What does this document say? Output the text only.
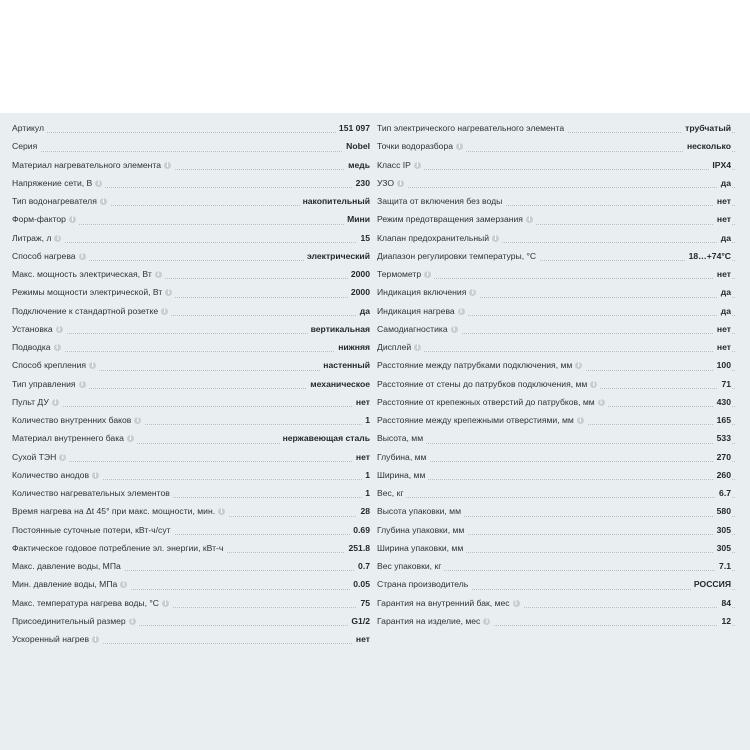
Артикул	151 097
Серия	Nobel
Материал нагревательного элемента i	медь
Напряжение сети, В i	230
Тип водонагревателя i	накопительный
Форм-фактор i	Мини
Литраж, л i	15
Способ нагрева i	электрический
Макс. мощность электрическая, Вт i	2000
Режимы мощности электрической, Вт i	2000
Подключение к стандартной розетке i	да
Установка i	вертикальная
Подводка i	нижняя
Способ крепления i	настенный
Тип управления i	механическое
Пульт ДУ i	нет
Количество внутренних баков i	1
Материал внутреннего бака i	нержавеющая сталь
Сухой ТЭН i	нет
Количество анодов i	1
Количество нагревательных элементов	1
Время нагрева на Δt 45° при макс. мощности, мин. i	28
Постоянные суточные потери, кВт-ч/сут	0.69
Фактическое годовое потребление эл. энергии, кВт-ч	251.8
Макс. давление воды, МПа	0.7
Мин. давление воды, МПа i	0.05
Макс. температура нагрева воды, °С i	75
Присоединительный размер i	G1/2
Ускоренный нагрев i	нет
Тип электрического нагревательного элемента	трубчатый
Точки водоразбора i	несколько
Класс IP i	IPX4
УЗО i	да
Защита от включения без воды	нет
Режим предотвращения замерзания i	нет
Клапан предохранительный i	да
Диапазон регулировки температуры, °С	18…+74°С
Термометр i	нет
Индикация включения i	да
Индикация нагрева i	да
Самодиагностика i	нет
Дисплей i	нет
Расстояние между патрубками подключения, мм i	100
Расстояние от стены до патрубков подключения, мм i	71
Расстояние от крепежных отверстий до патрубков, мм i	430
Расстояние между крепежными отверстиями, мм i	165
Высота, мм	533
Глубина, мм	270
Ширина, мм	260
Вес, кг	6.7
Высота упаковки, мм	580
Глубина упаковки, мм	305
Ширина упаковки, мм	305
Вес упаковки, кг	7.1
Страна производитель	РОССИЯ
Гарантия на внутренний бак, мес i	84
Гарантия на изделие, мес i	12
